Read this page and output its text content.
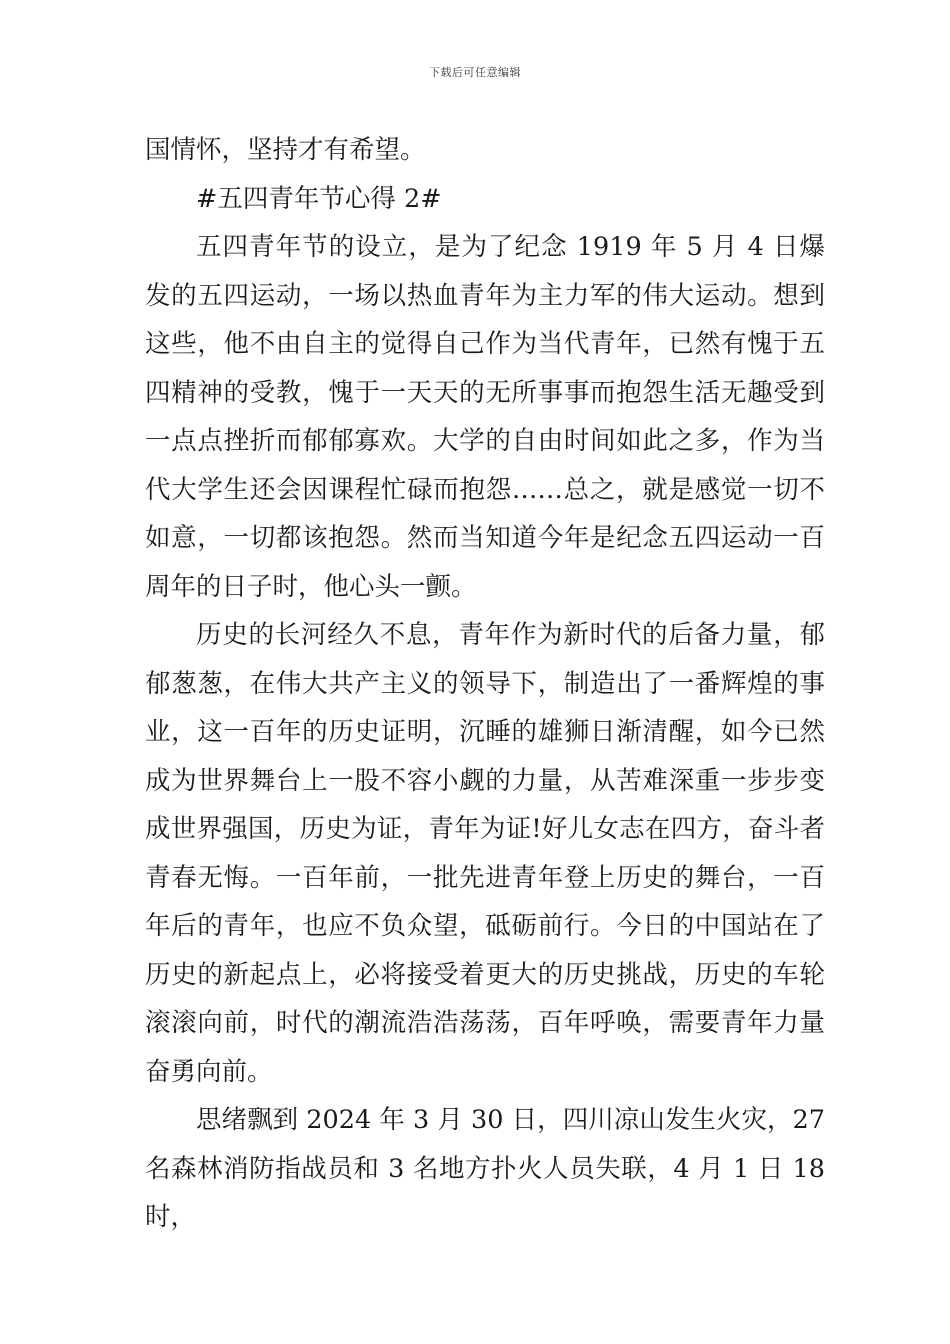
下载后可任意编辑

国情怀，坚持才有希望。

#五四青年节心得 2#

五四青年节的设立，是为了纪念 1919 年 5 月 4 日爆发的五四运动，一场以热血青年为主力军的伟大运动。想到这些，他不由自主的觉得自己作为当代青年，已然有愧于五四精神的受教，愧于一天天的无所事事而抱怨生活无趣受到一点点挫折而郁郁寡欢。大学的自由时间如此之多，作为当代大学生还会因课程忙碌而抱怨……总之，就是感觉一切不如意，一切都该抱怨。然而当知道今年是纪念五四运动一百周年的日子时，他心头一颤。

历史的长河经久不息，青年作为新时代的后备力量，郁郁葱葱，在伟大共产主义的领导下，制造出了一番辉煌的事业，这一百年的历史证明，沉睡的雄狮日渐清醒，如今已然成为世界舞台上一股不容小觑的力量，从苦难深重一步步变成世界强国，历史为证，青年为证!好儿女志在四方，奋斗者青春无悔。一百年前，一批先进青年登上历史的舞台，一百年后的青年，也应不负众望，砥砺前行。今日的中国站在了历史的新起点上，必将接受着更大的历史挑战，历史的车轮滚滚向前，时代的潮流浩浩荡荡，百年呼唤，需要青年力量奋勇向前。

思绪飘到 2024 年 3 月 30 日，四川凉山发生火灾，27 名森林消防指战员和 3 名地方扑火人员失联，4 月 1 日 18 时，
